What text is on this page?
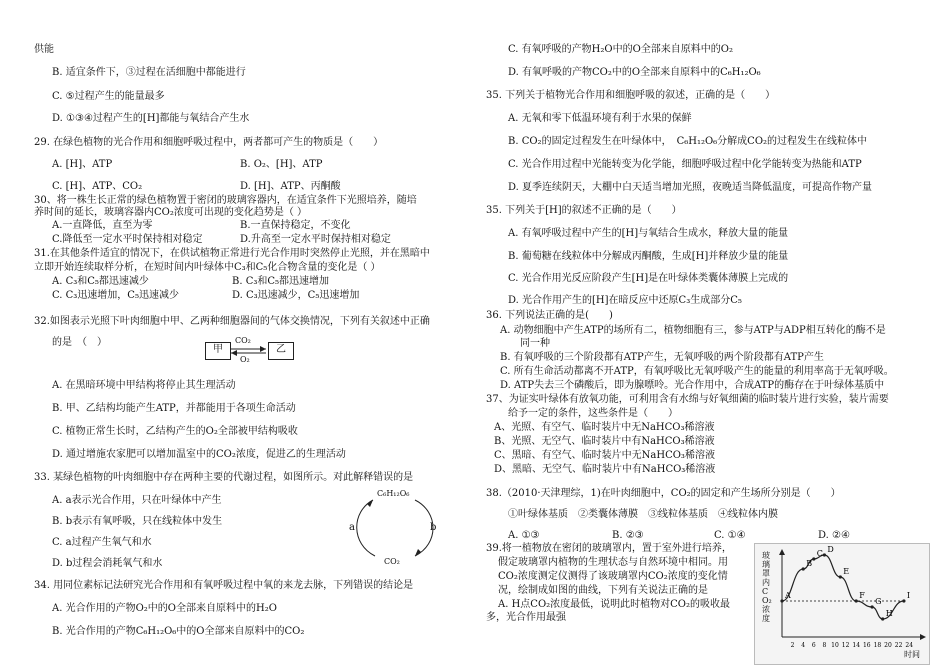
供能
B. 适宜条件下，③过程在活细胞中都能进行
C. ⑤过程产生的能量最多
D. ①③④过程产生的[H]都能与氧结合产生水
29. 在绿色植物的光合作用和细胞呼吸过程中，两者都可产生的物质是（　　）
A. [H]、ATP	B. O₂、[H]、ATP
C. [H]、ATP、CO₂	D. [H]、ATP、丙酮酸
30、将一株生长正常的绿色植物置于密闭的玻璃容器内，在适宜条件下光照培养，随培
养时间的延长，玻璃容器内CO₂浓度可出现的变化趋势是（ ）
A.一直降低，直至为零	B.一直保持稳定，不变化
C.降低至一定水平时保持相对稳定	D.升高至一定水平时保持相对稳定
31.在其他条件适宜的情况下，在供试植物正常进行光合作用时突然停止光照，并在黑暗中
立即开始连续取样分析，在短时间内叶绿体中C₃和C₅化合物含量的变化是（ ）
A. C₃和C₅都迅速减少	B. C₃和C₅都迅速增加
C. C₃迅速增加，C₅迅速减少	D. C₃迅速减少，C₅迅速增加
32.如图表示光照下叶肉细胞中甲、乙两种细胞器间的气体交换情况，下列有关叙述中正确
的是　（　）
甲	乙
CO₂
O₂
A. 在黑暗环境中甲结构将停止其生理活动
B. 甲、乙结构均能产生ATP，并都能用于各项生命活动
C. 植物正常生长时，乙结构产生的O₂全部被甲结构吸收
D. 通过增施农家肥可以增加温室中的CO₂浓度，促进乙的生理活动
33. 某绿色植物的叶肉细胞中存在两种主要的代谢过程，如图所示。对此解释错误的是
A. a表示光合作用，只在叶绿体中产生
B. b表示有氧呼吸，只在线粒体中发生
C. a过程产生氧气和水
D. b过程会消耗氧气和水
C₆H₁₂O₆
CO₂
a	b
34. 用同位素标记法研究光合作用和有氧呼吸过程中氧的来龙去脉，下列错误的结论是
A. 光合作用的产物O₂中的O全部来自原料中的H₂O
B. 光合作用的产物C₆H₁₂O₆中的O全部来自原料中的CO₂
C. 有氧呼吸的产物H₂O中的O全部来自原料中的O₂
D. 有氧呼吸的产物CO₂中的O全部来自原料中的C₆H₁₂O₆
35. 下列关于植物光合作用和细胞呼吸的叙述，正确的是（　　）
A. 无氧和零下低温环境有利于水果的保鲜
B. CO₂的固定过程发生在叶绿体中，　C₆H₁₂O₆分解成CO₂的过程发生在线粒体中
C. 光合作用过程中光能转变为化学能，细胞呼吸过程中化学能转变为热能和ATP
D. 夏季连续阴天，大棚中白天适当增加光照，夜晚适当降低温度，可提高作物产量
35. 下列关于[H]的叙述不正确的是（　　）
A. 有氧呼吸过程中产生的[H]与氧结合生成水，释放大量的能量
B. 葡萄糖在线粒体中分解成丙酮酸，生成[H]并释放少量的能量
C. 光合作用光反应阶段产生[H]是在叶绿体类囊体薄膜上完成的
D. 光合作用产生的[H]在暗反应中还原C₃生成部分C₅
36. 下列说法正确的是(　　)
A. 动物细胞中产生ATP的场所有二，植物细胞有三，参与ATP与ADP相互转化的酶不是
同一种
B. 有氧呼吸的三个阶段都有ATP产生，无氧呼吸的两个阶段都有ATP产生
C. 所有生命活动都离不开ATP，有氧呼吸比无氧呼吸产生的能量的利用率高于无氧呼吸。
D. ATP失去三个磷酸后，即为腺嘌呤。光合作用中，合成ATP的酶存在于叶绿体基质中
37、为证实叶绿体有放氧功能，可利用含有水绵与好氧细菌的临时装片进行实验，装片需要
给予一定的条件，这些条件是（　　）
A、光照、有空气、临时装片中无NaHCO₃稀溶液
B、光照、无空气、临时装片中有NaHCO₃稀溶液
C、黑暗、有空气、临时装片中无NaHCO₃稀溶液
D、黑暗、无空气、临时装片中有NaHCO₃稀溶液
38.（2010·天津理综，1)在叶肉细胞中，CO₂的固定和产生场所分别是（　　）
①叶绿体基质　②类囊体薄膜　③线粒体基质　④线粒体内膜
A. ①③	B. ②③	C. ①④	D. ②④
39.将一植物放在密闭的玻璃罩内，置于室外进行培养，
假定玻璃罩内植物的生理状态与自然环境中相同。用
CO₂浓度测定仪测得了该玻璃罩内CO₂浓度的变化情
况，绘制成如图的曲线，下列有关说法正确的是
A. H点CO₂浓度最低，说明此时植物对CO₂的吸收最
多，光合作用最强
2 4 6 8 10 12 14 16 18 20 22 24
A
B
C D
E
F
G
H
I
玻璃罩内CO₂浓度
时间
